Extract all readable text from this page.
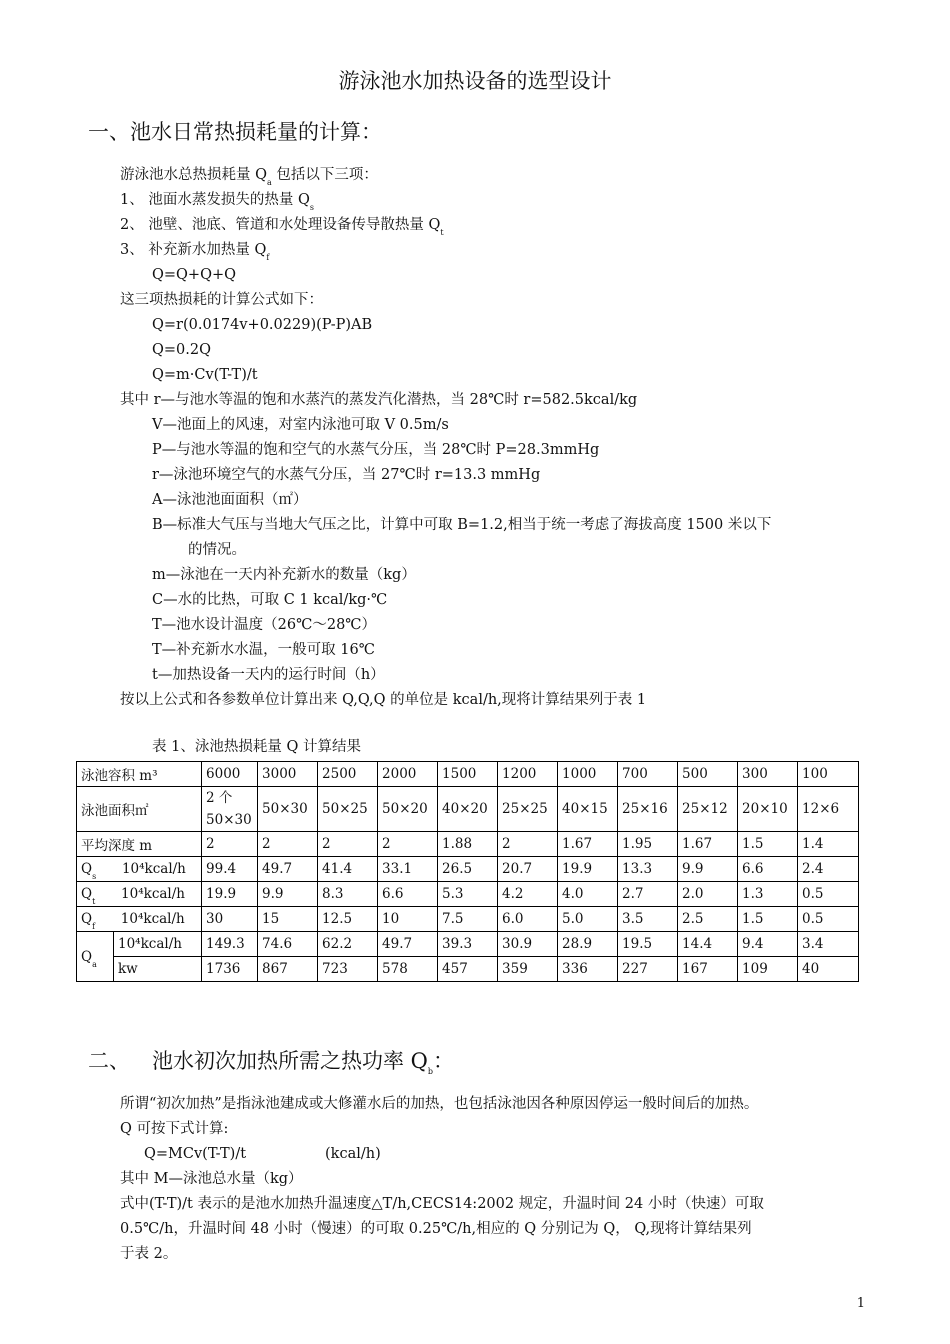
游泳池水加热设备的选型设计
一、池水日常热损耗量的计算：
游泳池水总热损耗量 $Q_a$ 包括以下三项：
1、 池面水蒸发损失的热量 $Q_s$
2、 池壁、池底、管道和水处理设备传导散热量 $Q_t$
3、 补充新水加热量 $Q_f$
Q=Q+Q+Q
这三项热损耗的计算公式如下：
Q=r(0.0174v+0.0229)(P-P)AB
Q=0.2Q
Q=m·Cv(T-T)/t
其中 r—与池水等温的饱和水蒸汽的蒸发汽化潜热，当 28℃时 r=582.5kcal/kg
V—池面上的风速，对室内泳池可取 V 0.5m/s
P—与池水等温的饱和空气的水蒸气分压，当 28℃时 P=28.3mmHg
r—泳池环境空气的水蒸气分压，当 27℃时 r=13.3 mmHg
A—泳池池面面积（㎡）
B—标准大气压与当地大气压之比，计算中可取 B=1.2,相当于统一考虑了海拔高度 1500 米以下
的情况。
m—泳池在一天内补充新水的数量（kg）
C—水的比热，可取 C 1 kcal/kg·℃
T—池水设计温度（26℃～28℃）
T—补充新水水温，一般可取 16℃
t—加热设备一天内的运行时间（h）
按以上公式和各参数单位计算出来 Q,Q,Q 的单位是 kcal/h,现将计算结果列于表 1
表 1、泳池热损耗量 Q 计算结果
泳池容积 m³		6000	3000	2500	2000	1500	1200	1000	700	500	300	100
泳池面积㎡		2 个 50×30	50×30	50×25	50×20	40×20	25×25	40×15	25×16	25×12	20×10	12×6
平均深度 m		2	2	2	2	1.88	2	1.67	1.95	1.67	1.5	1.4
$Q_s$ 10⁴kcal/h		99.4	49.7	41.4	33.1	26.5	20.7	19.9	13.3	9.9	6.6	2.4
$Q_t$ 10⁴kcal/h		19.9	9.9	8.3	6.6	5.3	4.2	4.0	2.7	2.0	1.3	0.5
$Q_f$ 10⁴kcal/h		30	15	12.5	10	7.5	6.0	5.0	3.5	2.5	1.5	0.5
$Q_a$	10⁴kcal/h	149.3	74.6	62.2	49.7	39.3	30.9	28.9	19.5	14.4	9.4	3.4
	kw	1736	867	723	578	457	359	336	227	167	109	40
二、 池水初次加热所需之热功率 $Q_b$：
所谓“初次加热”是指泳池建成或大修灌水后的加热，也包括泳池因各种原因停运一般时间后的加热。
Q 可按下式计算:
Q=MCv(T-T)/t	(kcal/h)
其中 M—泳池总水量（kg）
式中(T-T)/t 表示的是池水加热升温速度△T/h,CECS14:2002 规定，升温时间 24 小时（快速）可取
0.5℃/h，升温时间 48 小时（慢速）的可取 0.25℃/h,相应的 Q 分别记为 Q， Q,现将计算结果列
于表 2。
1
